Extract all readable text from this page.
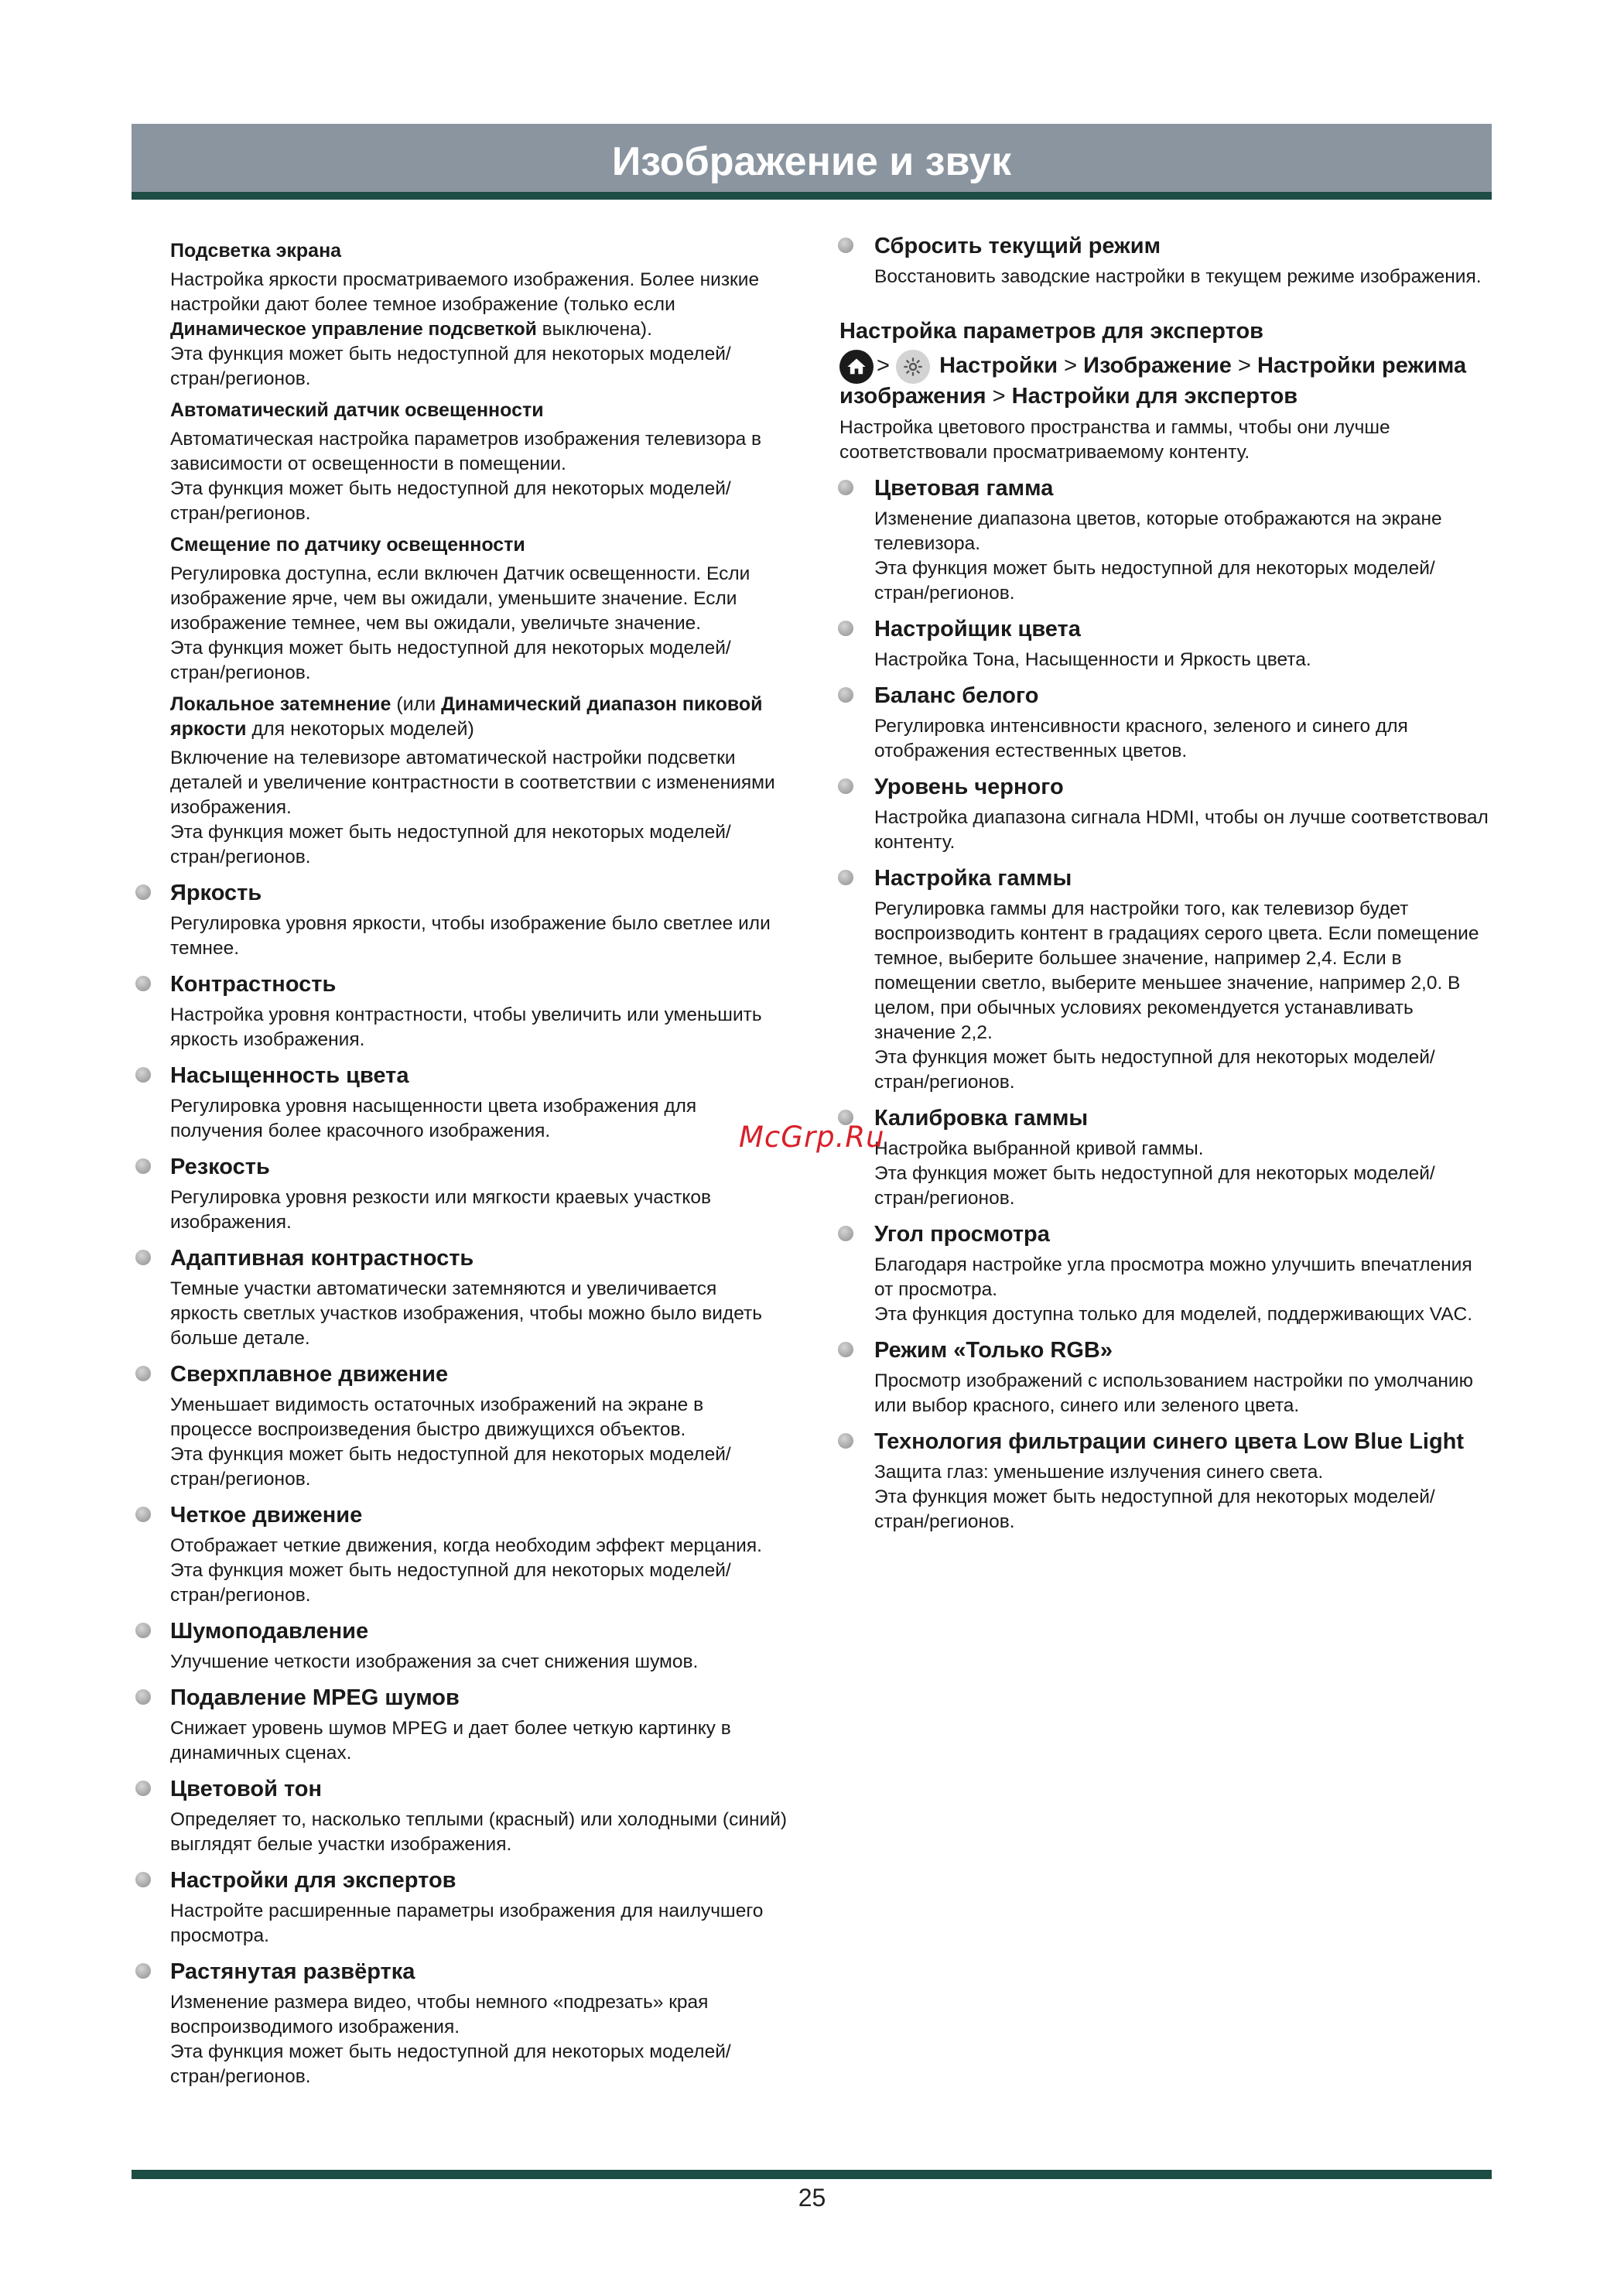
Изображение и звук
Подсветка экрана

Настройка яркости просматриваемого изображения. Более низкие настройки дают более темное изображение (только если Динамическое управление подсветкой выключена).

Эта функция может быть недоступной для некоторых моделей/ стран/регионов.

Автоматический датчик освещенности

Автоматическая настройка параметров изображения телевизора в зависимости от освещенности в помещении.

Эта функция может быть недоступной для некоторых моделей/ стран/регионов.

Смещение по датчику освещенности

Регулировка доступна, если включен Датчик освещенности. Если изображение ярче, чем вы ожидали, уменьшите значение. Если изображение темнее, чем вы ожидали, увеличьте значение.

Эта функция может быть недоступной для некоторых моделей/ стран/регионов.

Локальное затемнение (или Динамический диапазон пиковой яркости для некоторых моделей)

Включение на телевизоре автоматической настройки подсветки деталей и увеличение контрастности в соответствии с изменениями изображения.

Эта функция может быть недоступной для некоторых моделей/ стран/регионов.

Яркость

Регулировка уровня яркости, чтобы изображение было светлее или темнее.

Контрастность

Настройка уровня контрастности, чтобы увеличить или уменьшить яркость изображения.

Насыщенность цвета

Регулировка уровня насыщенности цвета изображения для получения более красочного изображения.

Резкость

Регулировка уровня резкости или мягкости краевых участков изображения.

Адаптивная контрастность

Темные участки автоматически затемняются и увеличивается яркость светлых участков изображения, чтобы можно было видеть больше детале.

Сверхплавное движение

Уменьшает видимость остаточных изображений на экране в процессе воспроизведения быстро движущихся объектов.

Эта функция может быть недоступной для некоторых моделей/ стран/регионов.

Четкое движение

Отображает четкие движения, когда необходим эффект мерцания.

Эта функция может быть недоступной для некоторых моделей/ стран/регионов.

Шумоподавление

Улучшение четкости изображения за счет снижения шумов.

Подавление MPEG шумов

Снижает уровень шумов MPEG и дает более четкую картинку в динамичных сценах.

Цветовой тон

Определяет то, насколько теплыми (красный) или холодными (синий) выглядят белые участки изображения.

Настройки для экспертов

Настройте расширенные параметры изображения для наилучшего просмотра.

Растянутая развёртка

Изменение размера видео, чтобы немного «подрезать» края воспроизводимого изображения.

Эта функция может быть недоступной для некоторых моделей/ стран/регионов.

Сбросить текущий режим

Восстановить заводские настройки в текущем режиме изображения.

Настройка параметров для экспертов
> Настройки > Изображение > Настройки режима изображения > Настройки для экспертов

Настройка цветового пространства и гаммы, чтобы они лучше соответствовали просматриваемому контенту.

Цветовая гамма

Изменение диапазона цветов, которые отображаются на экране телевизора.

Эта функция может быть недоступной для некоторых моделей/ стран/регионов.

Настройщик цвета

Настройка Тона, Насыщенности и Яркость цвета.

Баланс белого

Регулировка интенсивности красного, зеленого и синего для отображения естественных цветов.

Уровень черного

Настройка диапазона сигнала HDMI, чтобы он лучше соответствовал контенту.

Настройка гаммы

Регулировка гаммы для настройки того, как телевизор будет воспроизводить контент в градациях серого цвета. Если помещение темное, выберите большее значение, например 2,4. Если в помещении светло, выберите меньшее значение, например 2,0. В целом, при обычных условиях рекомендуется устанавливать значение 2,2.

Эта функция может быть недоступной для некоторых моделей/ стран/регионов.

Калибровка гаммы

Настройка выбранной кривой гаммы.

Эта функция может быть недоступной для некоторых моделей/ стран/регионов.

Угол просмотра

Благодаря настройке угла просмотра можно улучшить впечатления от просмотра.

Эта функция доступна только для моделей, поддерживающих VAC.

Режим «Только RGB»

Просмотр изображений с использованием настройки по умолчанию или выбор красного, синего или зеленого цвета.

Технология фильтрации синего цвета Low Blue Light

Защита глаз: уменьшение излучения синего света.

Эта функция может быть недоступной для некоторых моделей/ стран/регионов.

McGrp.Ru
25
